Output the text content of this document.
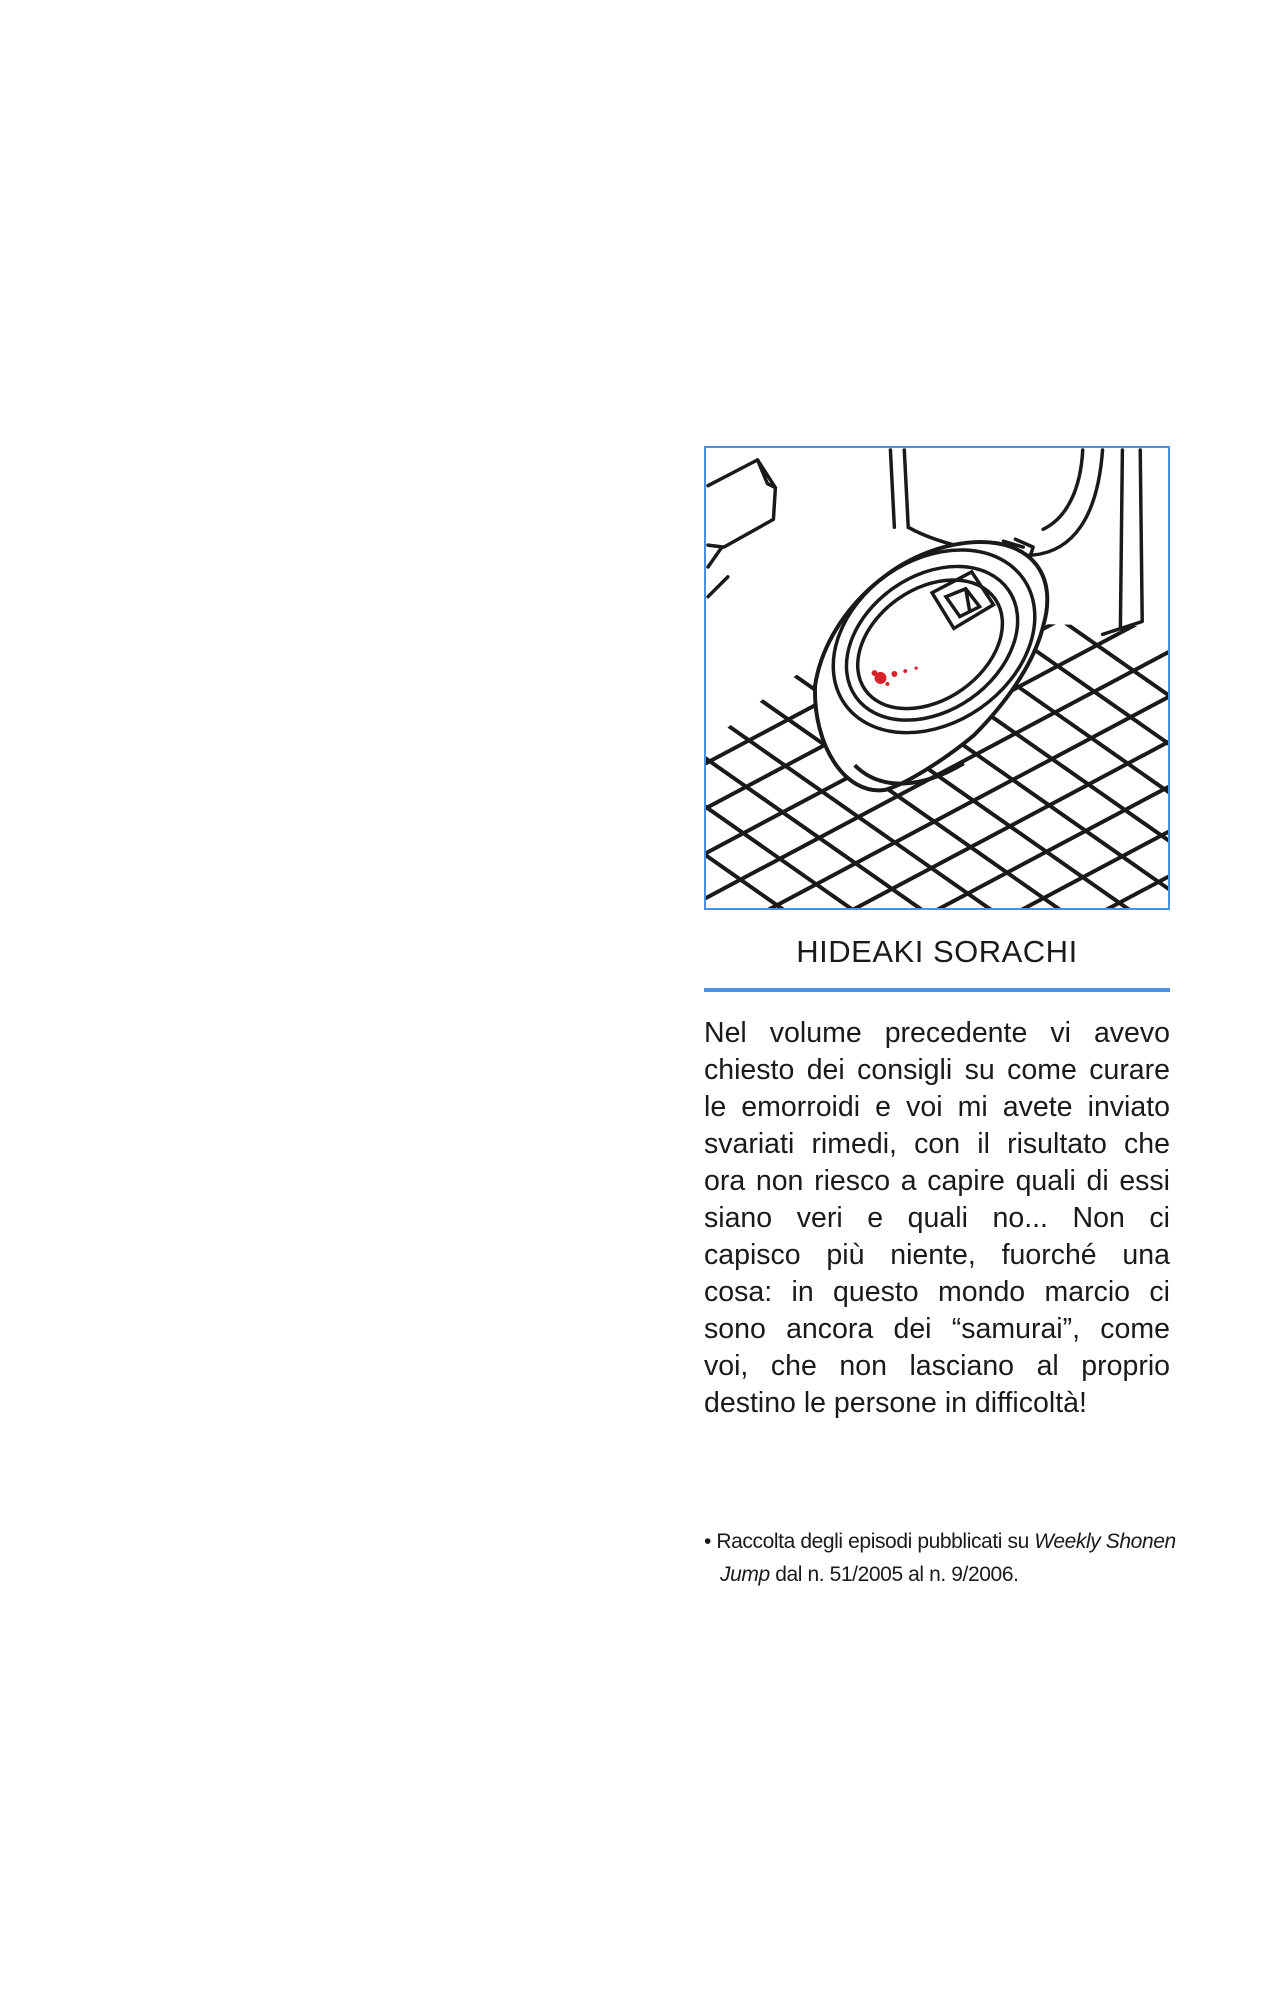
HIDEAKI SORACHI

Nel volume precedente vi avevo chiesto dei consigli su come curare le emorroidi e voi mi avete inviato svariati rimedi, con il risultato che ora non riesco a capire quali di essi siano veri e quali no... Non ci capisco più niente, fuorché una cosa: in questo mondo marcio ci sono ancora dei “samurai”, come voi, che non lasciano al proprio destino le persone in difficoltà!

• Raccolta degli episodi pubblicati su Weekly Shonen Jump dal n. 51/2005 al n. 9/2006.
